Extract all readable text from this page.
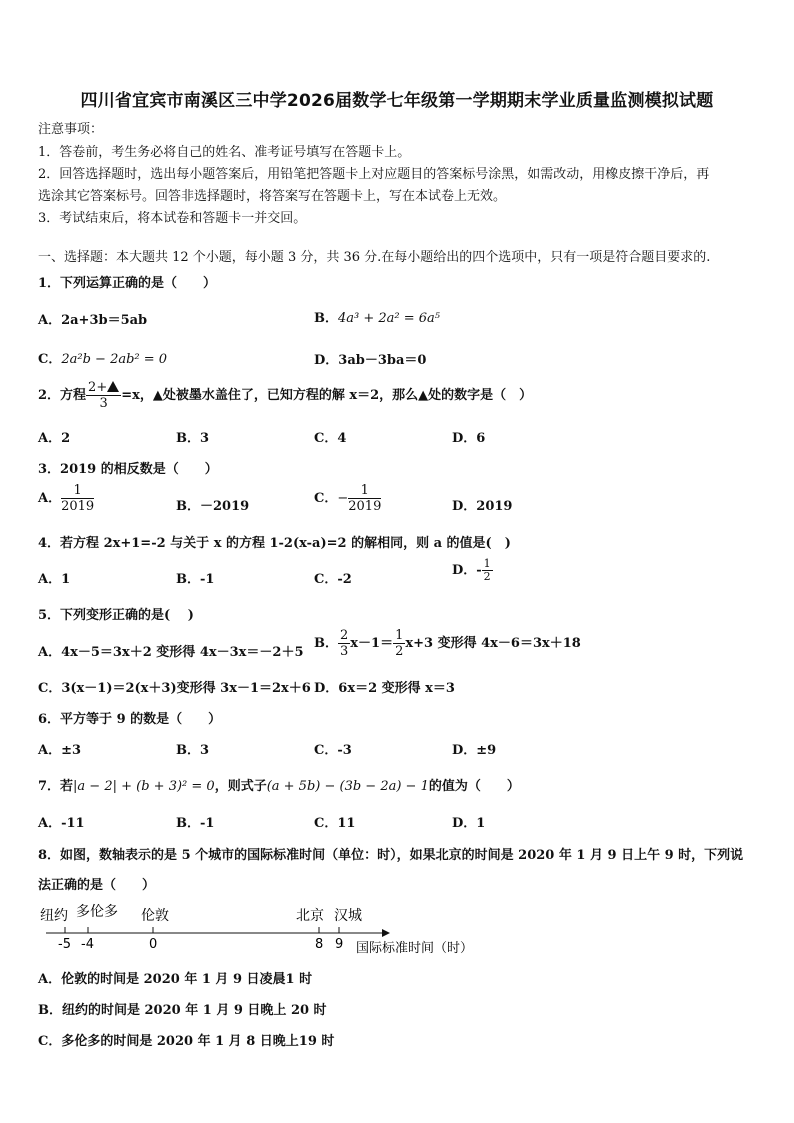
四川省宜宾市南溪区三中学2026届数学七年级第一学期期末学业质量监测模拟试题
注意事项：
1．答卷前，考生务必将自己的姓名、准考证号填写在答题卡上。
2．回答选择题时，选出每小题答案后，用铅笔把答题卡上对应题目的答案标号涂黑，如需改动，用橡皮擦干净后，再
选涂其它答案标号。回答非选择题时，将答案写在答题卡上，写在本试卷上无效。
3．考试结束后，将本试卷和答题卡一并交回。
一、选择题：本大题共 12 个小题，每小题 3 分，共 36 分.在每小题给出的四个选项中，只有一项是符合题目要求的.
1．下列运算正确的是（　　）
A．2a+3b＝5ab	B．4a³ + 2a² = 6a⁵
C．2a²b − 2ab² = 0	D．3ab－3ba＝0
2．方程 $\frac{2+}{3} =x$，▲处被墨水盖住了，已知方程的解 x＝2，那么▲处的数字是（　）
A．2	B．3	C．4	D．6
3．2019 的相反数是（　　）
A． $\frac{1}{2019}$	B．－2019
C．− $\frac{1}{2019}$	D．2019
4．若方程 2x+1=-2 与关于 x 的方程 1-2(x-a)=2 的解相同，则 a 的值是(　)
A．1	B．-1	C．-2
D．- $\frac{1}{2}$
5．下列变形正确的是(　 )
A．4x－5＝3x＋2 变形得 4x－3x＝－2＋5
B． $\frac{2}{3} x-1= \frac{1}{2} x+3$ 变形得 4x－6＝3x＋18
C．3(x－1)＝2(x＋3)变形得 3x－1＝2x＋6 D．6x＝2 变形得 x＝3
6．平方等于 9 的数是（　　）
A．±3	B．3	C．-3	D．±9
7．若|a − 2| + (b + 3)² = 0，则式子(a + 5b) − (3b − 2a) − 1的值为（　　）
A．-11	B．-1	C．11	D．1
8．如图，数轴表示的是 5 个城市的国际标准时间（单位：时），如果北京的时间是 2020 年 1 月 9 日上午 9 时，下列说
法正确的是（　　）
纽约 多伦多 伦敦	北京 汉城
-5 -4	0	8 9 国际标准时间（时）
A．伦敦的时间是 2020 年 1 月 9 日凌晨1 时
B．纽约的时间是 2020 年 1 月 9 日晚上 20 时
C．多伦多的时间是 2020 年 1 月 8 日晚上19 时
